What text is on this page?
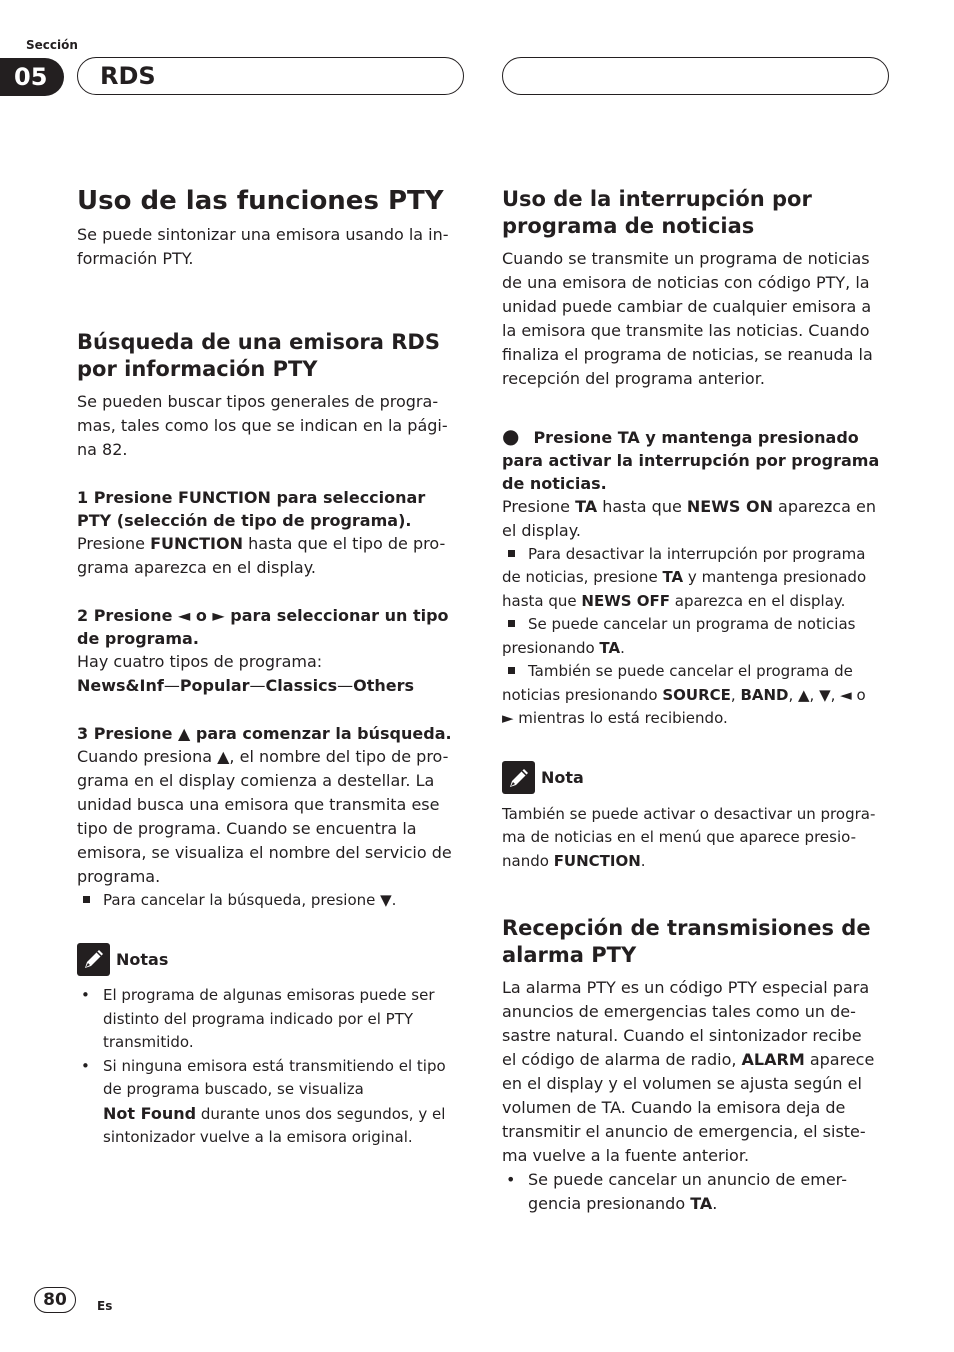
Sección
05	RDS
Uso de las funciones PTY

Se puede sintonizar una emisora usando la in-

formación PTY.

Búsqueda de una emisora RDS
por información PTY

Se pueden buscar tipos generales de progra-

mas, tales como los que se indican en la pági-

na 82.

1 Presione FUNCTION para seleccionar
PTY (selección de tipo de programa).

Presione FUNCTION hasta que el tipo de pro-
grama aparezca en el display.

2 Presione ◄ o ► para seleccionar un tipo
de programa.

Hay cuatro tipos de programa:

News&Inf—Popular—Classics—Others

3 Presione ▲ para comenzar la búsqueda.

Cuando presiona ▲, el nombre del tipo de pro-

grama en el display comienza a destellar. La

unidad busca una emisora que transmita ese

tipo de programa. Cuando se encuentra la

emisora, se visualiza el nombre del servicio de

programa.

Para cancelar la búsqueda, presione ▼.

Notas
• El programa de algunas emisoras puede ser
distinto del programa indicado por el PTY
transmitido.
• Si ninguna emisora está transmitiendo el tipo
de programa buscado, se visualiza
Not Found durante unos dos segundos, y el
sintonizador vuelve a la emisora original.
Uso de la interrupción por
programa de noticias

Cuando se transmite un programa de noticias

de una emisora de noticias con código PTY, la

unidad puede cambiar de cualquier emisora a

la emisora que transmite las noticias. Cuando

finaliza el programa de noticias, se reanuda la

recepción del programa anterior.

● Presione TA y mantenga presionado
para activar la interrupción por programa
de noticias.

Presione TA hasta que NEWS ON aparezca en
el display.

Para desactivar la interrupción por programa
de noticias, presione TA y mantenga presionado
hasta que NEWS OFF aparezca en el display.

Se puede cancelar un programa de noticias
presionando TA.

También se puede cancelar el programa de
noticias presionando SOURCE, BAND, ▲, ▼, ◄ o
► mientras lo está recibiendo.

Nota

También se puede activar o desactivar un progra-
ma de noticias en el menú que aparece presio-
nando FUNCTION.

Recepción de transmisiones de
alarma PTY

La alarma PTY es un código PTY especial para
anuncios de emergencias tales como un de-
sastre natural. Cuando el sintonizador recibe
el código de alarma de radio, ALARM aparece
en el display y el volumen se ajusta según el
volumen de TA. Cuando la emisora deja de
transmitir el anuncio de emergencia, el siste-
ma vuelve a la fuente anterior.

• Se puede cancelar un anuncio de emer-
gencia presionando TA.
80	Es
